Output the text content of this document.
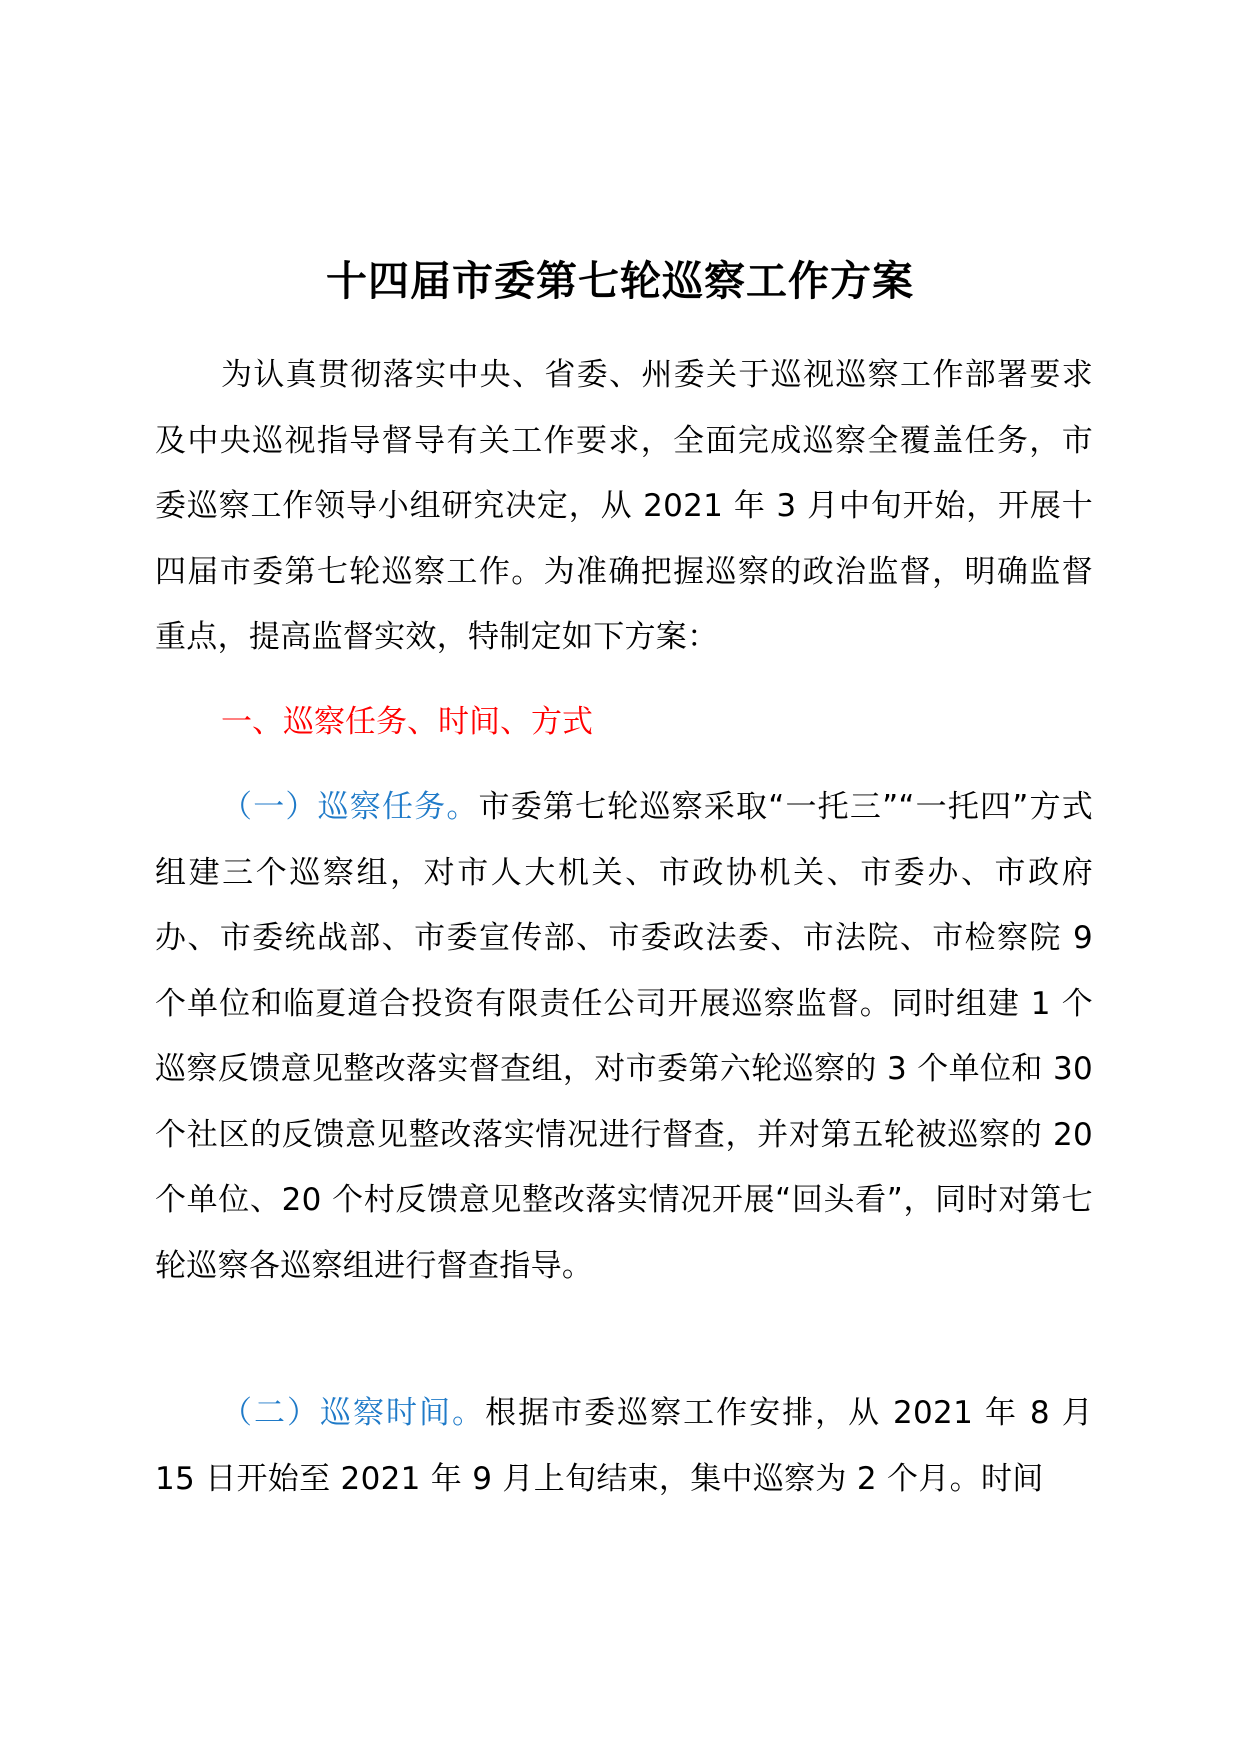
十四届市委第七轮巡察工作方案

为认真贯彻落实中央、省委、州委关于巡视巡察工作部署要求及中央巡视指导督导有关工作要求，全面完成巡察全覆盖任务，市委巡察工作领导小组研究决定，从 2021 年 3 月中旬开始，开展十四届市委第七轮巡察工作。为准确把握巡察的政治监督，明确监督重点，提高监督实效，特制定如下方案：

一、巡察任务、时间、方式

（一）巡察任务。市委第七轮巡察采取“一托三”“一托四”方式组建三个巡察组，对市人大机关、市政协机关、市委办、市政府办、市委统战部、市委宣传部、市委政法委、市法院、市检察院 9 个单位和临夏道合投资有限责任公司开展巡察监督。同时组建 1 个巡察反馈意见整改落实督查组，对市委第六轮巡察的 3 个单位和 30 个社区的反馈意见整改落实情况进行督查，并对第五轮被巡察的 20 个单位、20 个村反馈意见整改落实情况开展“回头看”，同时对第七轮巡察各巡察组进行督查指导。

（二）巡察时间。根据市委巡察工作安排，从 2021 年 8 月 15 日开始至 2021 年 9 月上旬结束，集中巡察为 2 个月。时间
